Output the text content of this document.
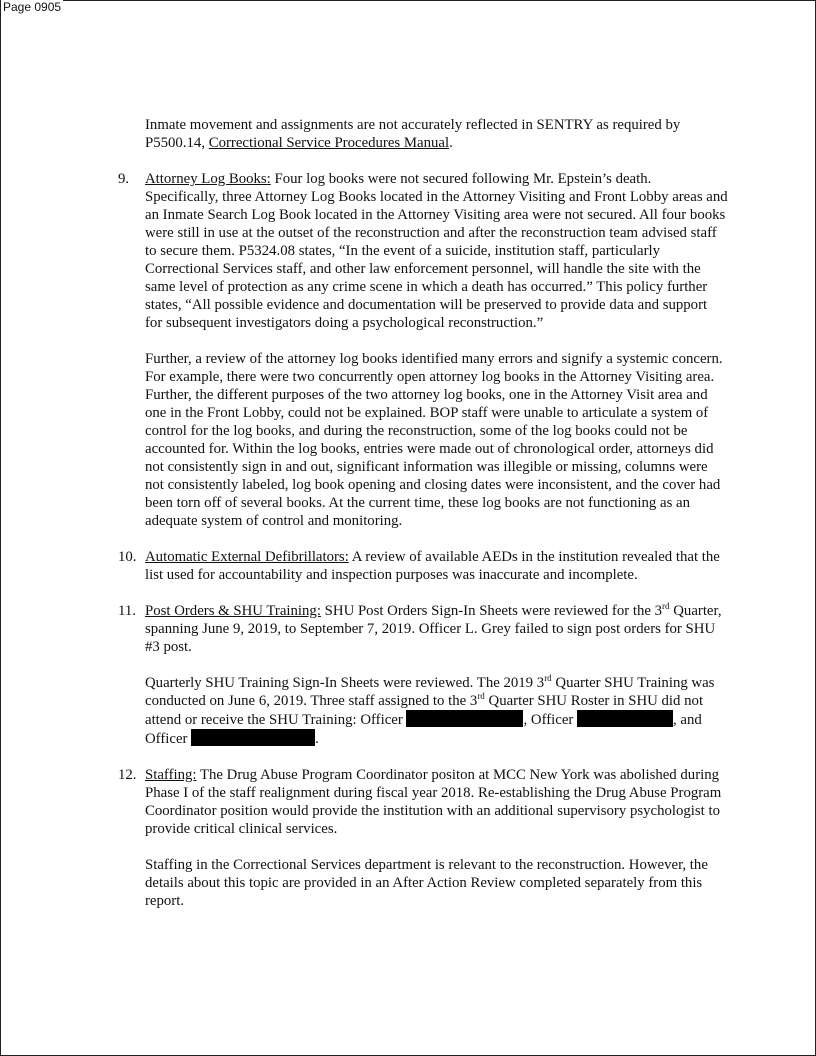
Page 0905

Inmate movement and assignments are not accurately reflected in SENTRY as required by P5500.14, Correctional Service Procedures Manual.

9. Attorney Log Books: Four log books were not secured following Mr. Epstein’s death. Specifically, three Attorney Log Books located in the Attorney Visiting and Front Lobby areas and an Inmate Search Log Book located in the Attorney Visiting area were not secured. All four books were still in use at the outset of the reconstruction and after the reconstruction team advised staff to secure them. P5324.08 states, “In the event of a suicide, institution staff, particularly Correctional Services staff, and other law enforcement personnel, will handle the site with the same level of protection as any crime scene in which a death has occurred.” This policy further states, “All possible evidence and documentation will be preserved to provide data and support for subsequent investigators doing a psychological reconstruction.”

Further, a review of the attorney log books identified many errors and signify a systemic concern. For example, there were two concurrently open attorney log books in the Attorney Visiting area. Further, the different purposes of the two attorney log books, one in the Attorney Visit area and one in the Front Lobby, could not be explained. BOP staff were unable to articulate a system of control for the log books, and during the reconstruction, some of the log books could not be accounted for. Within the log books, entries were made out of chronological order, attorneys did not consistently sign in and out, significant information was illegible or missing, columns were not consistently labeled, log book opening and closing dates were inconsistent, and the cover had been torn off of several books. At the current time, these log books are not functioning as an adequate system of control and monitoring.

10. Automatic External Defibrillators: A review of available AEDs in the institution revealed that the list used for accountability and inspection purposes was inaccurate and incomplete.

11. Post Orders & SHU Training: SHU Post Orders Sign-In Sheets were reviewed for the 3rd Quarter, spanning June 9, 2019, to September 7, 2019. Officer L. Grey failed to sign post orders for SHU #3 post.

Quarterly SHU Training Sign-In Sheets were reviewed. The 2019 3rd Quarter SHU Training was conducted on June 6, 2019. Three staff assigned to the 3rd Quarter SHU Roster in SHU did not attend or receive the SHU Training: Officer	, Officer	, and Officer	.

12. Staffing: The Drug Abuse Program Coordinator positon at MCC New York was abolished during Phase I of the staff realignment during fiscal year 2018. Re-establishing the Drug Abuse Program Coordinator position would provide the institution with an additional supervisory psychologist to provide critical clinical services.

Staffing in the Correctional Services department is relevant to the reconstruction. However, the details about this topic are provided in an After Action Review completed separately from this report.
